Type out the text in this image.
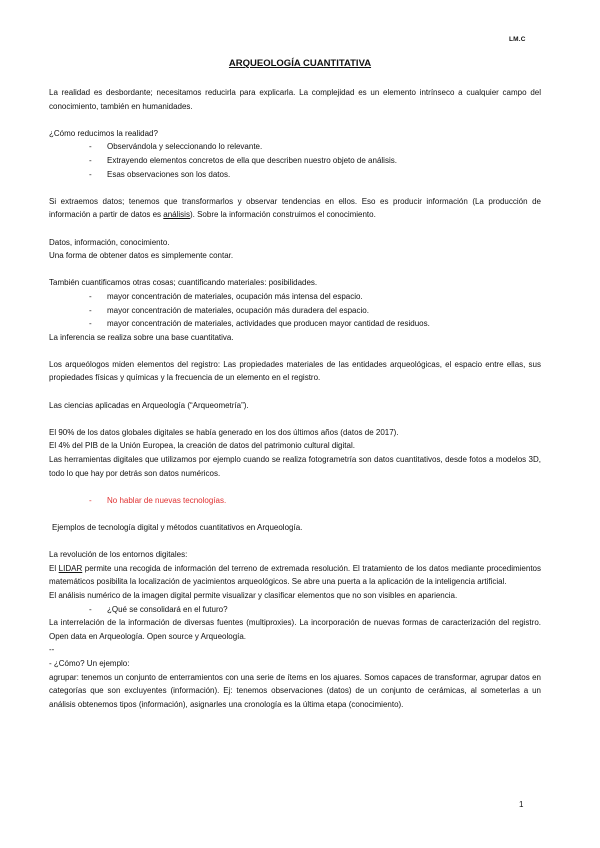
LM.C
ARQUEOLOGÍA CUANTITATIVA

La realidad es desbordante; necesitamos reducirla para explicarla. La complejidad es un elemento intrínseco a cualquier campo del conocimiento, también en humanidades.

¿Cómo reducimos la realidad?

- Observándola y seleccionando lo relevante.
- Extrayendo elementos concretos de ella que describen nuestro objeto de análisis.
- Esas observaciones son los datos.

Si extraemos datos; tenemos que transformarlos y observar tendencias en ellos. Eso es producir información (La producción de información a partir de datos es análisis). Sobre la información construimos el conocimiento.

Datos, información, conocimiento.

Una forma de obtener datos es simplemente contar.

También cuantificamos otras cosas; cuantificando materiales: posibilidades.

- mayor concentración de materiales, ocupación más intensa del espacio.
- mayor concentración de materiales, ocupación más duradera del espacio.
- mayor concentración de materiales, actividades que producen mayor cantidad de residuos.

La inferencia se realiza sobre una base cuantitativa.

Los arqueólogos miden elementos del registro: Las propiedades materiales de las entidades arqueológicas, el espacio entre ellas, sus propiedades físicas y químicas y la frecuencia de un elemento en el registro.

Las ciencias aplicadas en Arqueología (“Arqueometría”).

El 90% de los datos globales digitales se había generado en los dos últimos años (datos de 2017).

El 4% del PIB de la Unión Europea, la creación de datos del patrimonio cultural digital.

Las herramientas digitales que utilizamos por ejemplo cuando se realiza fotogrametría son datos cuantitativos, desde fotos a modelos 3D, todo lo que hay por detrás son datos numéricos.

- No hablar de nuevas tecnologías.

Ejemplos de tecnología digital y métodos cuantitativos en Arqueología.

La revolución de los entornos digitales:

El LIDAR permite una recogida de información del terreno de extremada resolución. El tratamiento de los datos mediante procedimientos matemáticos posibilita la localización de yacimientos arqueológicos. Se abre una puerta a la aplicación de la inteligencia artificial.

El análisis numérico de la imagen digital permite visualizar y clasificar elementos que no son visibles en apariencia.

- ¿Qué se consolidará en el futuro?

La interrelación de la información de diversas fuentes (multiproxies). La incorporación de nuevas formas de caracterización del registro. Open data en Arqueología. Open source y Arqueología.

--

- ¿Cómo? Un ejemplo:

agrupar: tenemos un conjunto de enterramientos con una serie de ítems en los ajuares. Somos capaces de transformar, agrupar datos en categorías que son excluyentes (información). Ej: tenemos observaciones (datos) de un conjunto de cerámicas, al someterlas a un análisis obtenemos tipos (información), asignarles una cronología es la última etapa (conocimiento).

1
